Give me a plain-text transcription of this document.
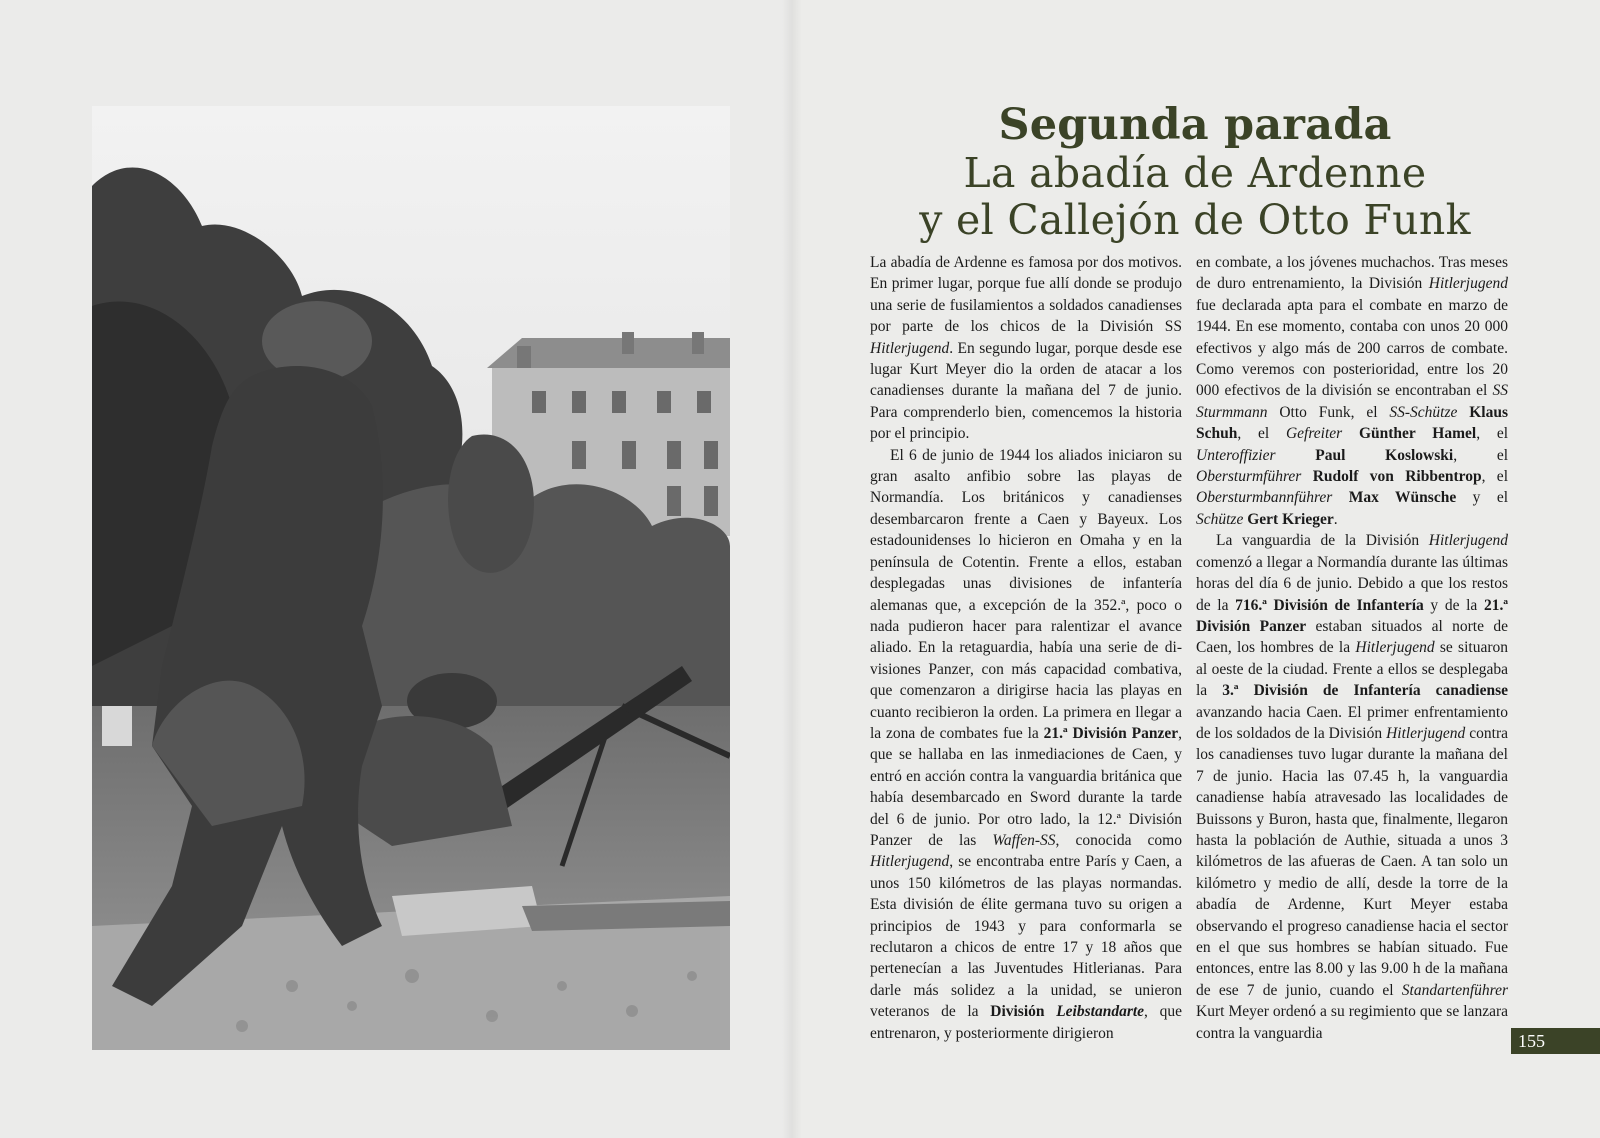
Segunda parada
La abadía de Ardenne
y el Callejón de Otto Funk

La abadía de Ardenne es famosa por dos motivos. En primer lugar, porque fue allí donde se produjo una serie de fusilamientos a soldados canadienses por parte de los chicos de la División SS Hitlerjugend. En segundo lugar, porque desde ese lugar Kurt Meyer dio la orden de atacar a los canadienses durante la mañana del 7 de junio. Para comprenderlo bien, comencemos la historia por el principio.

El 6 de junio de 1944 los aliados iniciaron su gran asalto anfibio sobre las playas de Normandía. Los británicos y canadienses desembarcaron frente a Caen y Bayeux. Los estadounidenses lo hicieron en Omaha y en la península de Cotentin. Frente a ellos, estaban desplegadas unas divisiones de infantería alemanas que, a excepción de la 352.ª, poco o nada pudieron hacer para ralentizar el avance aliado. En la retaguardia, había una serie de divisiones Panzer, con más capacidad combativa, que comenzaron a dirigirse hacia las playas en cuanto recibieron la orden. La primera en llegar a la zona de combates fue la 21.ª División Panzer, que se hallaba en las inmediaciones de Caen, y entró en acción contra la vanguardia británica que había desembarcado en Sword durante la tarde del 6 de junio. Por otro lado, la 12.ª División Panzer de las Waffen-SS, conocida como Hitlerjugend, se encontraba entre París y Caen, a unos 150 kilómetros de las playas normandas. Esta división de élite germana tuvo su origen a principios de 1943 y para conformarla se reclutaron a chicos de entre 17 y 18 años que pertenecían a las Juventudes Hitlerianas. Para darle más solidez a la unidad, se unieron veteranos de la División Leibstandarte, que entrenaron, y posteriormente dirigieron

en combate, a los jóvenes muchachos. Tras meses de duro entrenamiento, la División Hitlerjugend fue declarada apta para el combate en marzo de 1944. En ese momento, contaba con unos 20 000 efectivos y algo más de 200 carros de combate. Como veremos con posterioridad, entre los 20 000 efectivos de la división se encontraban el SS Sturmmann Otto Funk, el SS-Schütze Klaus Schuh, el Gefreiter Günther Hamel, el Unteroffizier	Paul Koslowski, el Obersturmführer Rudolf von Ribbentrop, el Obersturmbannführer Max Wünsche y el Schütze Gert Krieger.

La vanguardia de la División Hitlerjugend comenzó a llegar a Normandía durante las últimas horas del día 6 de junio. Debido a que los restos de la 716.ª División de Infantería y de la 21.ª División Panzer estaban situados al norte de Caen, los hombres de la Hitlerjugend se situaron al oeste de la ciudad. Frente a ellos se desplegaba la 3.ª División de Infantería canadiense avanzando hacia Caen. El primer enfrentamiento de los soldados de la División Hitlerjugend contra los canadienses tuvo lugar durante la mañana del 7 de junio. Hacia las 07.45 h, la vanguardia canadiense había atravesado las localidades de Buissons y Buron, hasta que, finalmente, llegaron hasta la población de Authie, situada a unos 3 kilómetros de las afueras de Caen. A tan solo un kilómetro y medio de allí, desde la torre de la abadía de Ardenne, Kurt Meyer estaba observando el progreso canadiense hacia el sector en el que sus hombres se habían situado. Fue entonces, entre las 8.00 y las 9.00 h de la mañana de ese 7 de junio, cuando el Standartenführer Kurt Meyer ordenó a su regimiento que se lanzara contra la vanguardia	155
